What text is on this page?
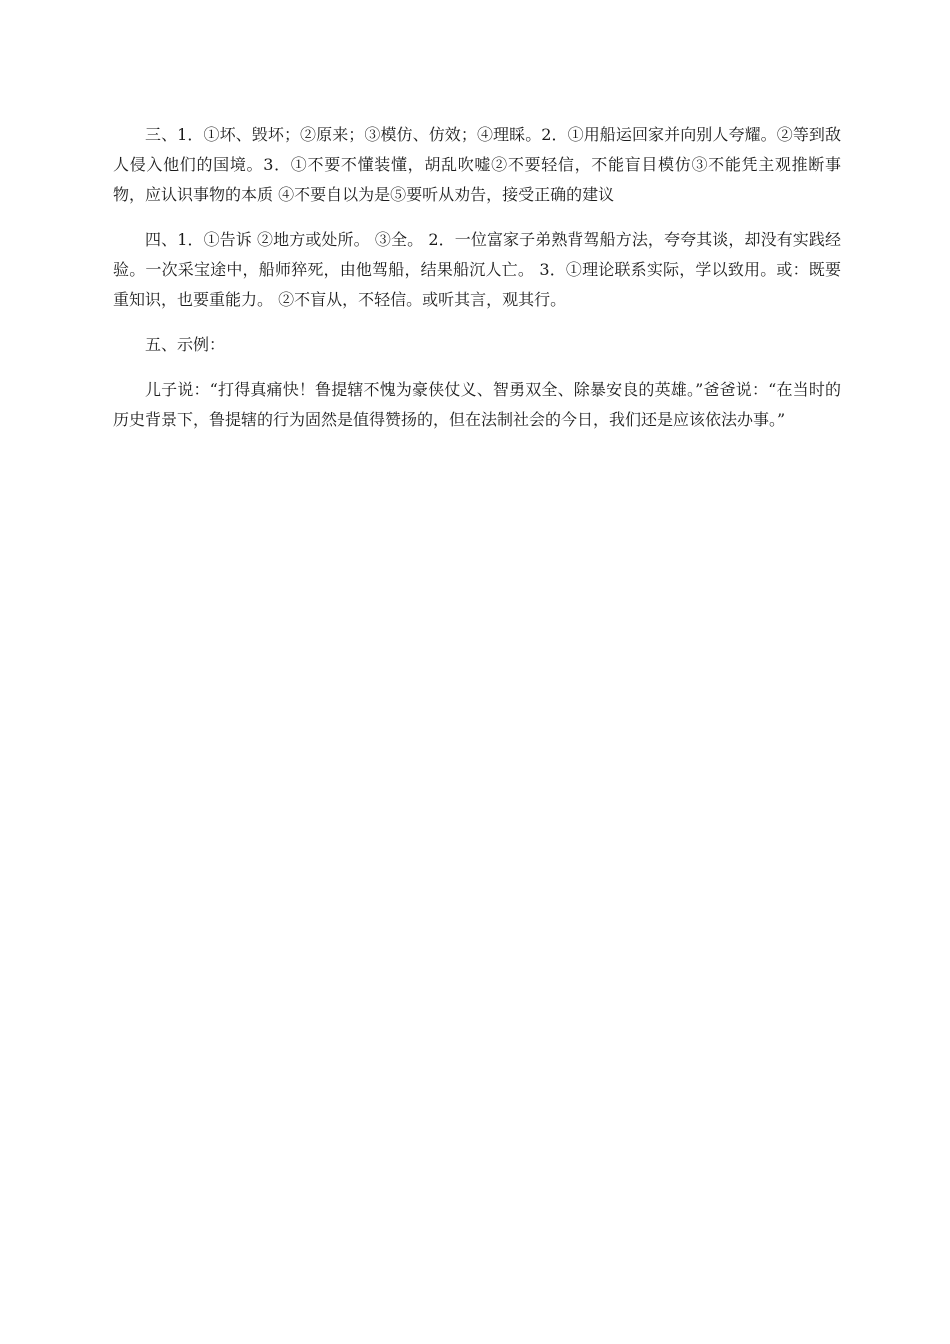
三、1．①坏、毁坏；②原来；③模仿、仿效；④理睬。2．①用船运回家并向别人夸耀。②等到敌人侵入他们的国境。3．①不要不懂装懂，胡乱吹嘘②不要轻信，不能盲目模仿③不能凭主观推断事物，应认识事物的本质 ④不要自以为是⑤要听从劝告，接受正确的建议

四、1．①告诉 ②地方或处所。 ③全。 2．一位富家子弟熟背驾船方法，夸夸其谈，却没有实践经验。一次采宝途中，船师猝死，由他驾船，结果船沉人亡。 3．①理论联系实际，学以致用。或：既要重知识，也要重能力。 ②不盲从，不轻信。或听其言，观其行。

五、示例：

儿子说：“打得真痛快！鲁提辖不愧为豪侠仗义、智勇双全、除暴安良的英雄。”爸爸说：“在当时的历史背景下，鲁提辖的行为固然是值得赞扬的，但在法制社会的今日，我们还是应该依法办事。”
